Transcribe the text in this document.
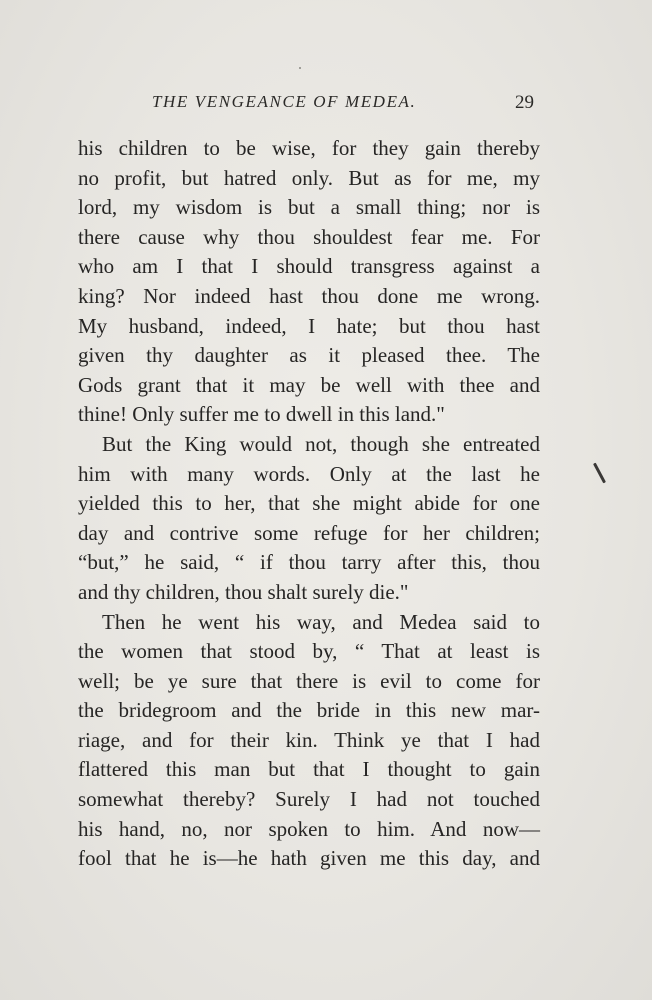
THE VENGEANCE OF MEDEA.	29
his children to be wise, for they gain thereby
no profit, but hatred only. But as for me, my
lord, my wisdom is but a small thing; nor is
there cause why thou shouldest fear me. For
who am I that I should transgress against a
king? Nor indeed hast thou done me wrong.
My husband, indeed, I hate; but thou hast
given thy daughter as it pleased thee. The
Gods grant that it may be well with thee and
thine! Only suffer me to dwell in this land."
But the King would not, though she entreated
him with many words. Only at the last he
yielded this to her, that she might abide for one
day and contrive some refuge for her children;
“but,” he said, “ if thou tarry after this, thou
and thy children, thou shalt surely die."
Then he went his way, and Medea said to
the women that stood by, “ That at least is
well; be ye sure that there is evil to come for
the bridegroom and the bride in this new mar-
riage, and for their kin. Think ye that I had
flattered this man but that I thought to gain
somewhat thereby? Surely I had not touched
his hand, no, nor spoken to him. And now—
fool that he is—he hath given me this day, and
